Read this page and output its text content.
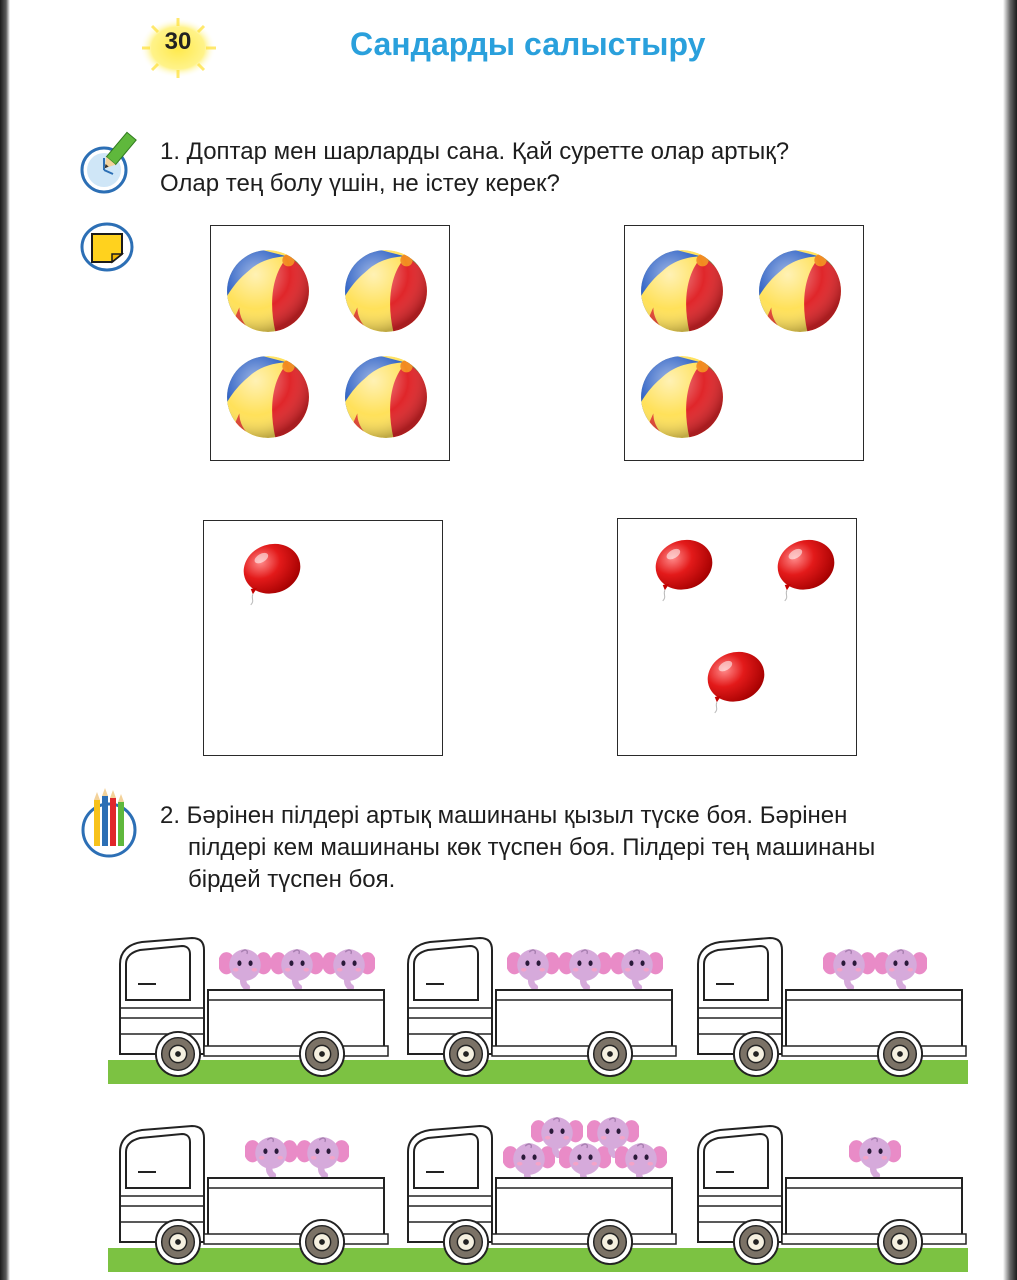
30	Сандарды салыстыру
1. Доптар мен шарларды сана. Қай суретте олар артық?
Олар тең болу үшін, не істеу керек?
2. Бәрінен пілдері артық машинаны қызыл түске боя. Бәрінен
пілдері кем машинаны көк түспен боя. Пілдері тең машинаны
бірдей түспен боя.
